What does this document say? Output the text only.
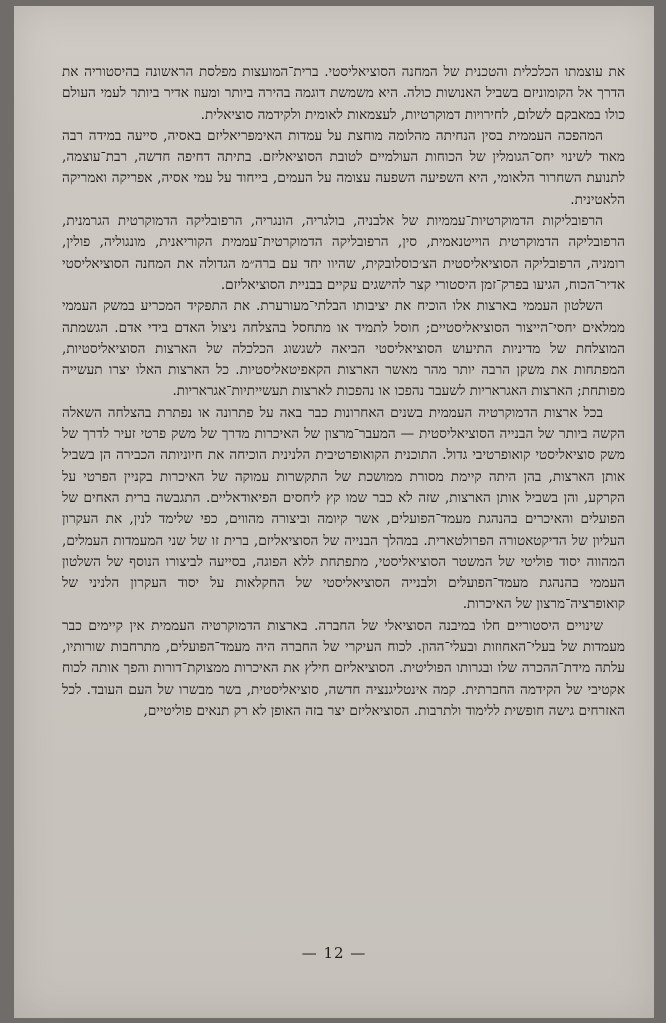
את עוצמתו הכלכלית והטכנית של המחנה הסוציאליסטי. ברית־המועצות מפלסת הראשונה בהיסטוריה את הדרך אל הקומוניזם בשביל האנושות כולה. היא משמשת דוגמה בהירה ביותר ומעוז אדיר ביותר לעמי העולם כולו במאבקם לשלום, לחירויות דמוקרטיות, לעצמאות לאומית ולקידמה סוציאלית.

המהפכה העממית בסין הנחיתה מהלומה מוחצת על עמדות האימפריאליזם באסיה, סייעה במידה רבה מאוד לשינוי יחס־הגומלין של הכוחות העולמיים לטובת הסוציאליזם. בתיתה דחיפה חדשה, רבת־עוצמה, לתנועת השחרור הלאומי, היא השפיעה השפעה עצומה על העמים, בייחוד על עמי אסיה, אפריקה ואמריקה הלאטינית.

הרפובליקות הדמוקרטיות־עממיות של אלבניה, בולגריה, הונגריה, הרפובליקה הדמוקרטית הגרמנית, הרפובליקה הדמוקרטית הוייטנאמית, סין, הרפובליקה הדמוקרטית־עממית הקוריאנית, מונגוליה, פולין, רומניה, הרפובליקה הסוציאליסטית הצ׳כוסלובקית, שהיוו יחד עם ברה״מ הגדולה את המחנה הסוציאליסטי אדיר־הכוח, הגיעו בפרק־זמן היסטורי קצר להישגים עקיים בבניית הסוציאליזם.

השלטון העממי בארצות אלו הוכיח את יציבותו הבלתי־מעורערת. את התפקיד המכריע במשק העממי ממלאים יחסי־הייצור הסוציאליסטיים; חוסל לתמיד או מתחסל בהצלחה ניצול האדם בידי אדם. הגשמתה המוצלחת של מדיניות התיעוש הסוציאליסטי הביאה לשגשוג הכלכלה של הארצות הסוציאליסטיות, המפתחות את משקן הרבה יותר מהר מאשר הארצות הקאפיטאליסטיות. כל הארצות האלו יצרו תעשייה מפותחת; הארצות האגראריות לשעבר נהפכו או נהפכות לארצות תעשייתיות־אגראריות.

בכל ארצות הדמוקרטיה העממית בשנים האחרונות כבר באה על פתרונה או נפתרת בהצלחה השאלה הקשה ביותר של הבנייה הסוציאליסטית — המעבר־מרצון של האיכרות מדרך של משק פרטי זעיר לדרך של משק סוציאליסטי קואופרטיבי גדול. התוכנית הקואופרטיבית הלנינית הוכיחה את חיוניותה הכבירה הן בשביל אותן הארצות, בהן היתה קיימת מסורת ממושכת של התקשרות עמוקה של האיכרות בקניין הפרטי על הקרקע, והן בשביל אותן הארצות, שזה לא כבר שמו קץ ליחסים הפיאודאליים. התגבשה ברית האחים של הפועלים והאיכרים בהנהגת מעמד־הפועלים, אשר קיומה וביצורה מהווים, כפי שלימד לנין, את העקרון העליון של הדיקטאטורה הפרולטארית. במהלך הבנייה של הסוציאליזם, ברית זו של שני המעמדות העמלים, המהווה יסוד פוליטי של המשטר הסוציאליסטי, מתפתחת ללא הפוגה, בסייעה לביצורו הנוסף של השלטון העממי בהנהגת מעמד־הפועלים ולבנייה הסוציאליסטי של החקלאות על יסוד העקרון הלניני של קואופרציה־מרצון של האיכרות.

שינויים היסטוריים חלו במיבנה הסוציאלי של החברה. בארצות הדמוקרטיה העממית אין קיימים כבר מעמדות של בעלי־האחוזות ובעלי־ההון. לכוח העיקרי של החברה היה מעמד־הפועלים, מתרחבות שורותיו, עלתה מידת־ההכרה שלו ובגרותו הפוליטית. הסוציאליזם חילץ את האיכרות ממצוקת־דורות והפך אותה לכוח אקטיבי של הקידמה החברתית. קמה אינטליגנציה חדשה, סוציאליסטית, בשר מבשרו של העם העובד. לכל האזרחים גישה חופשית ללימוד ולתרבות. הסוציאליזם יצר בזה האופן לא רק תנאים פוליטיים,

— 12 —
